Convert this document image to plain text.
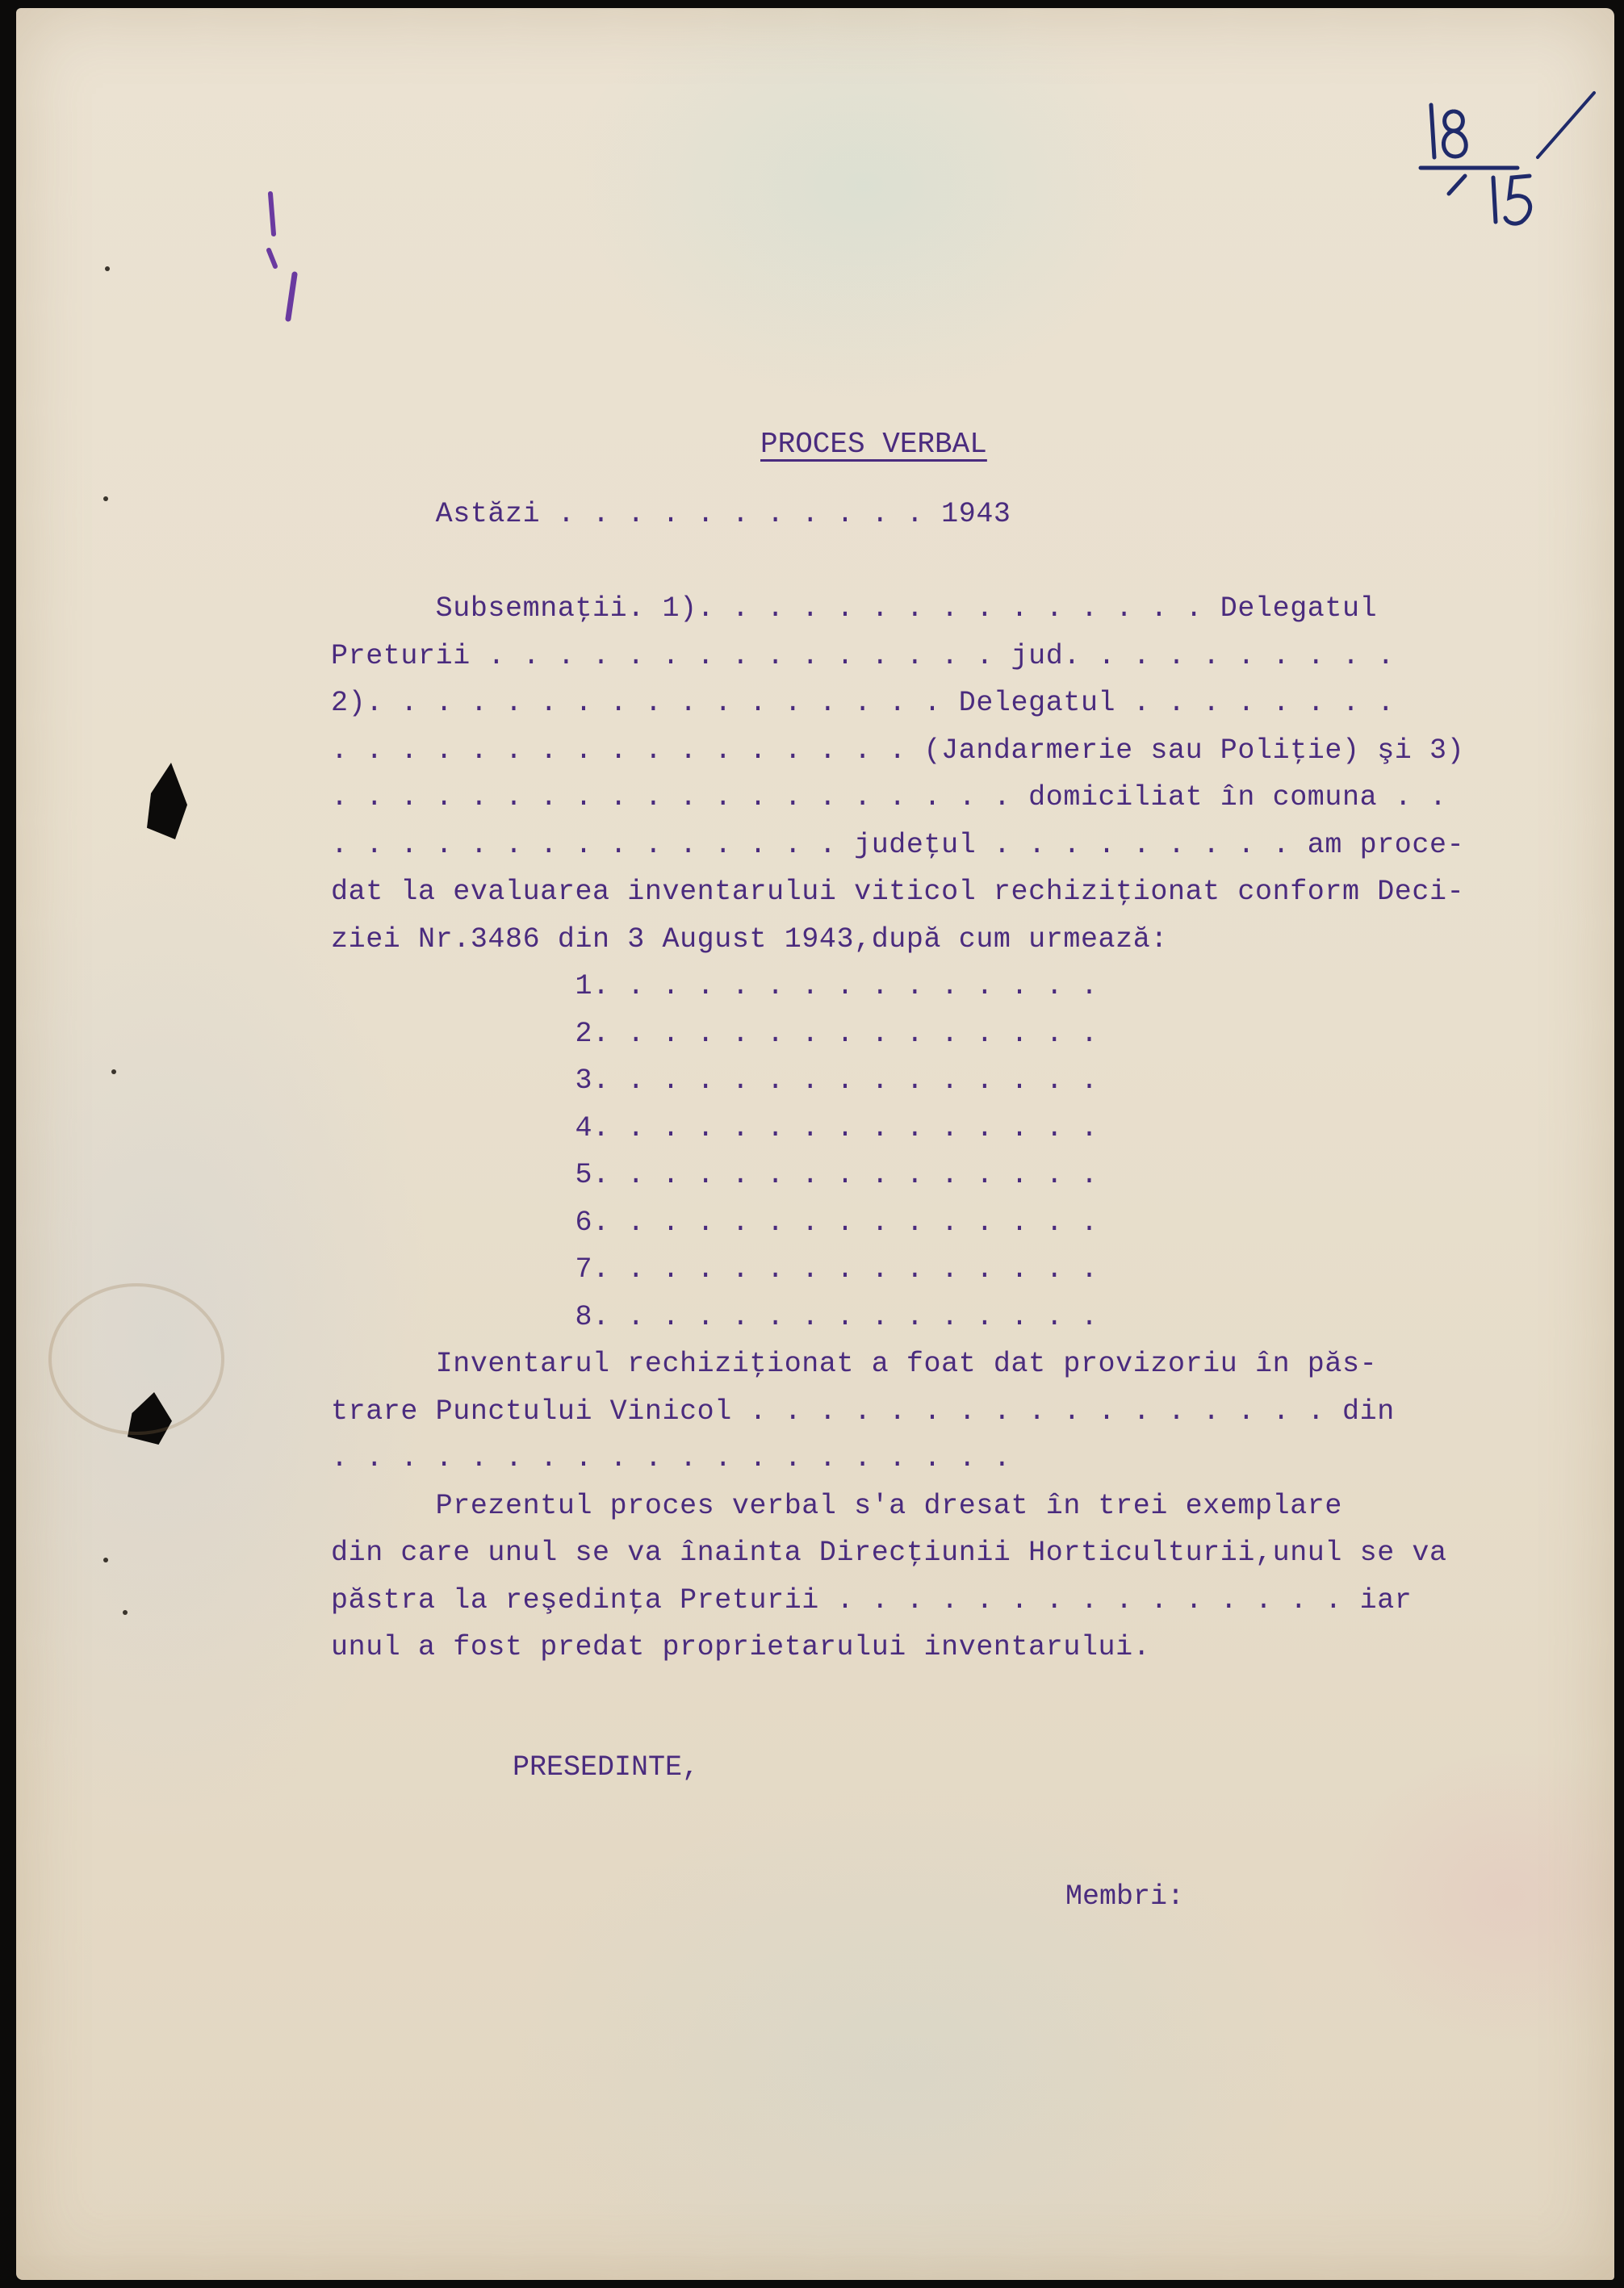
PROCES VERBAL
Astăzi . . . . . . . . . . . 1943

Subsemnaţii. 1). . . . . . . . . . . . . . . Delegatul
Preturii . . . . . . . . . . . . . . . jud. . . . . . . . . .
2). . . . . . . . . . . . . . . . . Delegatul . . . . . . . .
. . . . . . . . . . . . . . . . . (Jandarmerie sau Poliţie) şi 3)
. . . . . . . . . . . . . . . . . . . . domiciliat în comuna . .
. . . . . . . . . . . . . . . judeţul . . . . . . . . . am proce-
dat la evaluarea inventarului viticol rechiziţionat conform Deci-
ziei Nr.3486 din 3 August 1943,după cum urmează:
1. . . . . . . . . . . . . . .
2. . . . . . . . . . . . . . .
3. . . . . . . . . . . . . . .
4. . . . . . . . . . . . . . .
5. . . . . . . . . . . . . . .
6. . . . . . . . . . . . . . .
7. . . . . . . . . . . . . . .
8. . . . . . . . . . . . . . .
Inventarul rechiziţionat a foat dat provizoriu în păs-
trare Punctului Vinicol . . . . . . . . . . . . . . . . . din
. . . . . . . . . . . . . . . . . . . .
Prezentul proces verbal s'a dresat în trei exemplare
din care unul se va înainta Direcţiunii Horticulturii,unul se va
păstra la reşedinţa Preturii . . . . . . . . . . . . . . . iar
unul a fost predat proprietarului inventarului.
PRESEDINTE,
Membri:
